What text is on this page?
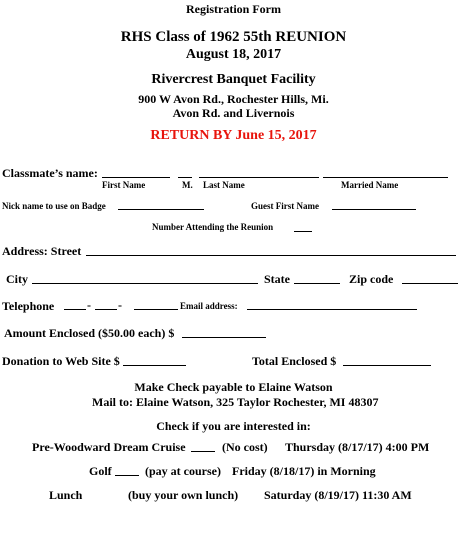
Registration Form
RHS Class of 1962 55th REUNION
August 18, 2017
Rivercrest Banquet Facility
900 W Avon Rd., Rochester Hills, Mi.
Avon Rd. and Livernois
RETURN BY June 15, 2017
Classmate’s name:
First Name	M. Last Name	Married Name
Nick name to use on Badge	Guest First Name
Number Attending the Reunion
Address: Street
City	State	Zip code
Telephone	- -	Email address:
Amount Enclosed ($50.00 each) $
Donation to Web Site $	Total Enclosed $
Make Check payable to Elaine Watson
Mail to: Elaine Watson, 325 Taylor Rochester, MI 48307
Check if you are interested in:
Pre-Woodward Dream Cruise	(No cost) Thursday (8/17/17) 4:00 PM
Golf	(pay at course) Friday (8/18/17) in Morning
Lunch	(buy your own lunch) Saturday (8/19/17) 11:30 AM
